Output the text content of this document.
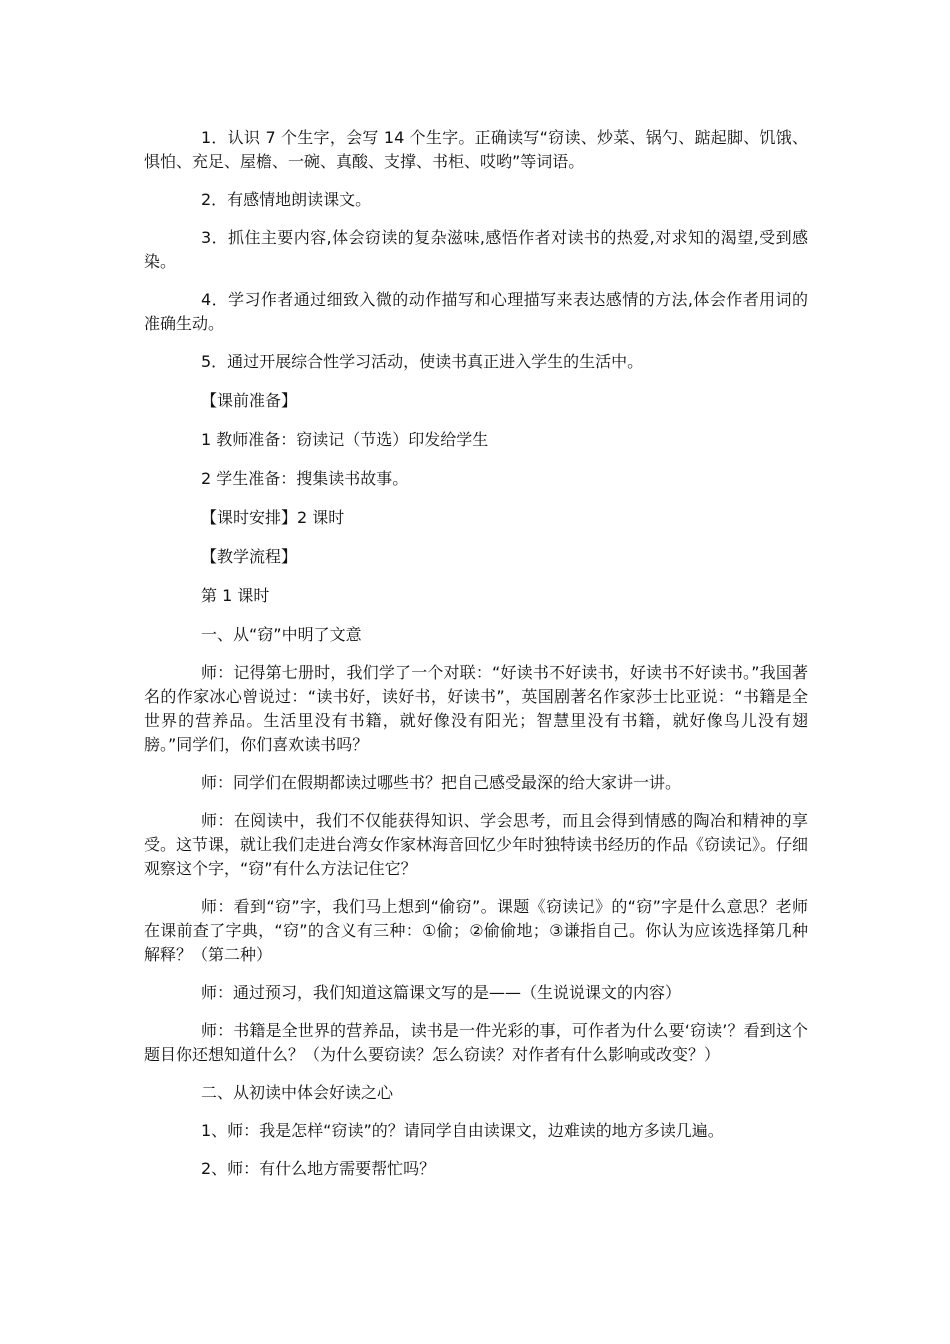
1．认识 7 个生字，会写 14 个生字。正确读写“窃读、炒菜、锅勺、踮起脚、饥饿、惧怕、充足、屋檐、一碗、真酸、支撑、书柜、哎哟”等词语。

2．有感情地朗读课文。

3．抓住主要内容,体会窃读的复杂滋味,感悟作者对读书的热爱,对求知的渴望,受到感染。

4．学习作者通过细致入微的动作描写和心理描写来表达感情的方法,体会作者用词的准确生动。

5．通过开展综合性学习活动，使读书真正进入学生的生活中。

【课前准备】

1 教师准备：窃读记（节选）印发给学生

2 学生准备：搜集读书故事。

【课时安排】2 课时

【教学流程】

第 1 课时

一、从“窃”中明了文意

师：记得第七册时，我们学了一个对联：“好读书不好读书，好读书不好读书。”我国著名的作家冰心曾说过：“读书好，读好书，好读书”，英国剧著名作家莎士比亚说：“书籍是全世界的营养品。生活里没有书籍，就好像没有阳光；智慧里没有书籍，就好像鸟儿没有翅膀。”同学们，你们喜欢读书吗？

师：同学们在假期都读过哪些书？把自己感受最深的给大家讲一讲。

师：在阅读中，我们不仅能获得知识、学会思考，而且会得到情感的陶冶和精神的享受。这节课，就让我们走进台湾女作家林海音回忆少年时独特读书经历的作品《窃读记》。仔细观察这个字，“窃”有什么方法记住它？

师：看到“窃”字，我们马上想到“偷窃”。课题《窃读记》的“窃”字是什么意思？老师在课前查了字典，“窃”的含义有三种：①偷；②偷偷地；③谦指自己。你认为应该选择第几种解释？（第二种）

师：通过预习，我们知道这篇课文写的是——（生说说课文的内容）

师：书籍是全世界的营养品，读书是一件光彩的事，可作者为什么要‘窃读’？看到这个题目你还想知道什么？（为什么要窃读？怎么窃读？对作者有什么影响或改变？）

二、从初读中体会好读之心

1、师：我是怎样“窃读”的？请同学自由读课文，边难读的地方多读几遍。

2、师：有什么地方需要帮忙吗？
